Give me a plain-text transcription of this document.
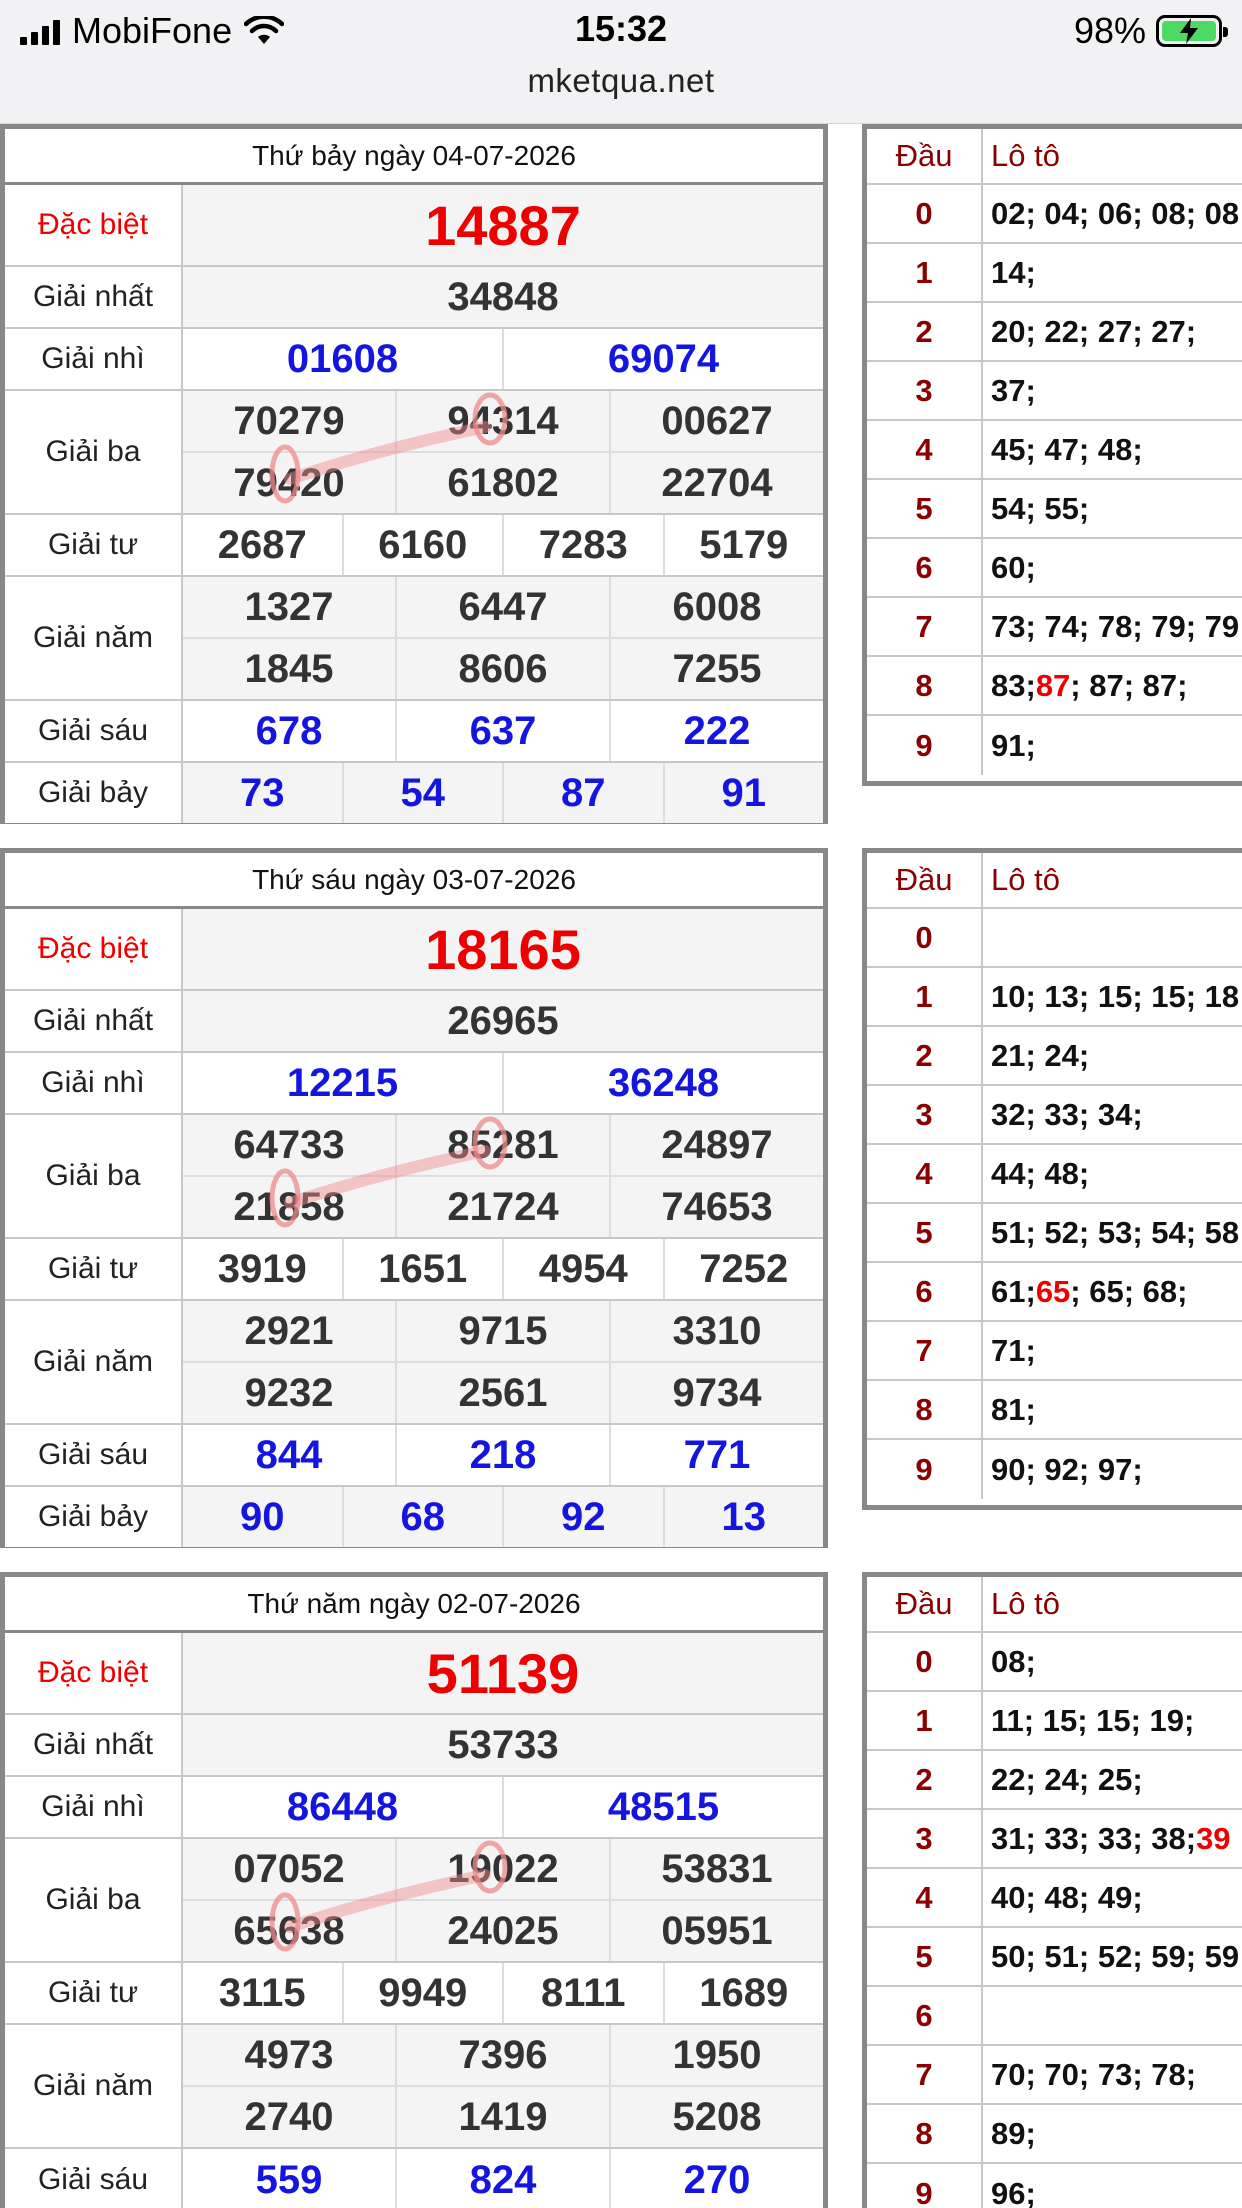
MobiFone	15:32	98%
mketqua.net
Thứ bảy ngày 04-07-2026
Đặc biệt	14887
Giải nhất	34848
Giải nhì	01608	69074
Giải ba
70279	94314	00627
79420	61802	22704
Giải tư	2687	6160	7283	5179
Giải năm
1327	6447	6008
1845	8606	7255
Giải sáu	678	637	222
Giải bảy	73	54	87	91
Đầu	Lô tô
0	02; 04; 06; 08; 08
1	14;
2	20; 22; 27; 27;
3	37;
4	45; 47; 48;
5	54; 55;
6	60;
7	73; 74; 78; 79; 79
8	83; 87 ; 87; 87;
9	91;
Thứ sáu ngày 03-07-2026
Đặc biệt	18165
Giải nhất	26965
Giải nhì	12215	36248
Giải ba
64733	85281	24897
21858	21724	74653
Giải tư	3919	1651	4954	7252
Giải năm
2921	9715	3310
9232	2561	9734
Giải sáu	844	218	771
Giải bảy	90	68	92	13
Đầu	Lô tô
0
1	10; 13; 15; 15; 18
2	21; 24;
3	32; 33; 34;
4	44; 48;
5	51; 52; 53; 54; 58
6	61; 65 ; 65; 68;
7	71;
8	81;
9	90; 92; 97;
Thứ năm ngày 02-07-2026
Đặc biệt	51139
Giải nhất	53733
Giải nhì	86448	48515
Giải ba
07052	19022	53831
65638	24025	05951
Giải tư	3115	9949	8111	1689
Giải năm
4973	7396	1950
2740	1419	5208
Giải sáu	559	824	270
Đầu	Lô tô
0	08;
1	11; 15; 15; 19;
2	22; 24; 25;
3	31; 33; 33; 38; 39
4	40; 48; 49;
5	50; 51; 52; 59; 59
6
7	70; 70; 73; 78;
8	89;
9	96;
